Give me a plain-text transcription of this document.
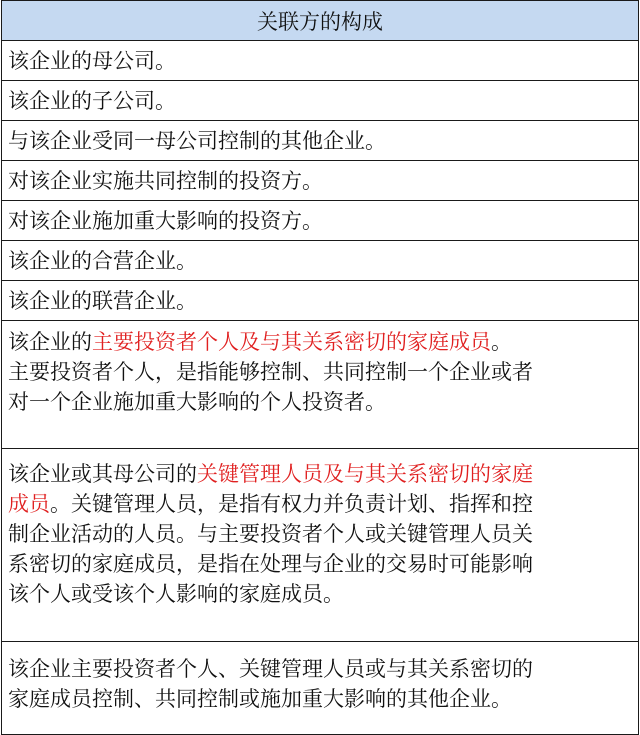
关联方的构成
该企业的母公司。
该企业的子公司。
与该企业受同一母公司控制的其他企业。
对该企业实施共同控制的投资方。
对该企业施加重大影响的投资方。
该企业的合营企业。
该企业的联营企业。
该企业的主要投资者个人及与其关系密切的家庭成员。
主要投资者个人，是指能够控制、共同控制一个企业或者
对一个企业施加重大影响的个人投资者。
该企业或其母公司的关键管理人员及与其关系密切的家庭
成员。关键管理人员，是指有权力并负责计划、指挥和控
制企业活动的人员。与主要投资者个人或关键管理人员关
系密切的家庭成员，是指在处理与企业的交易时可能影响
该个人或受该个人影响的家庭成员。
该企业主要投资者个人、关键管理人员或与其关系密切的
家庭成员控制、共同控制或施加重大影响的其他企业。
